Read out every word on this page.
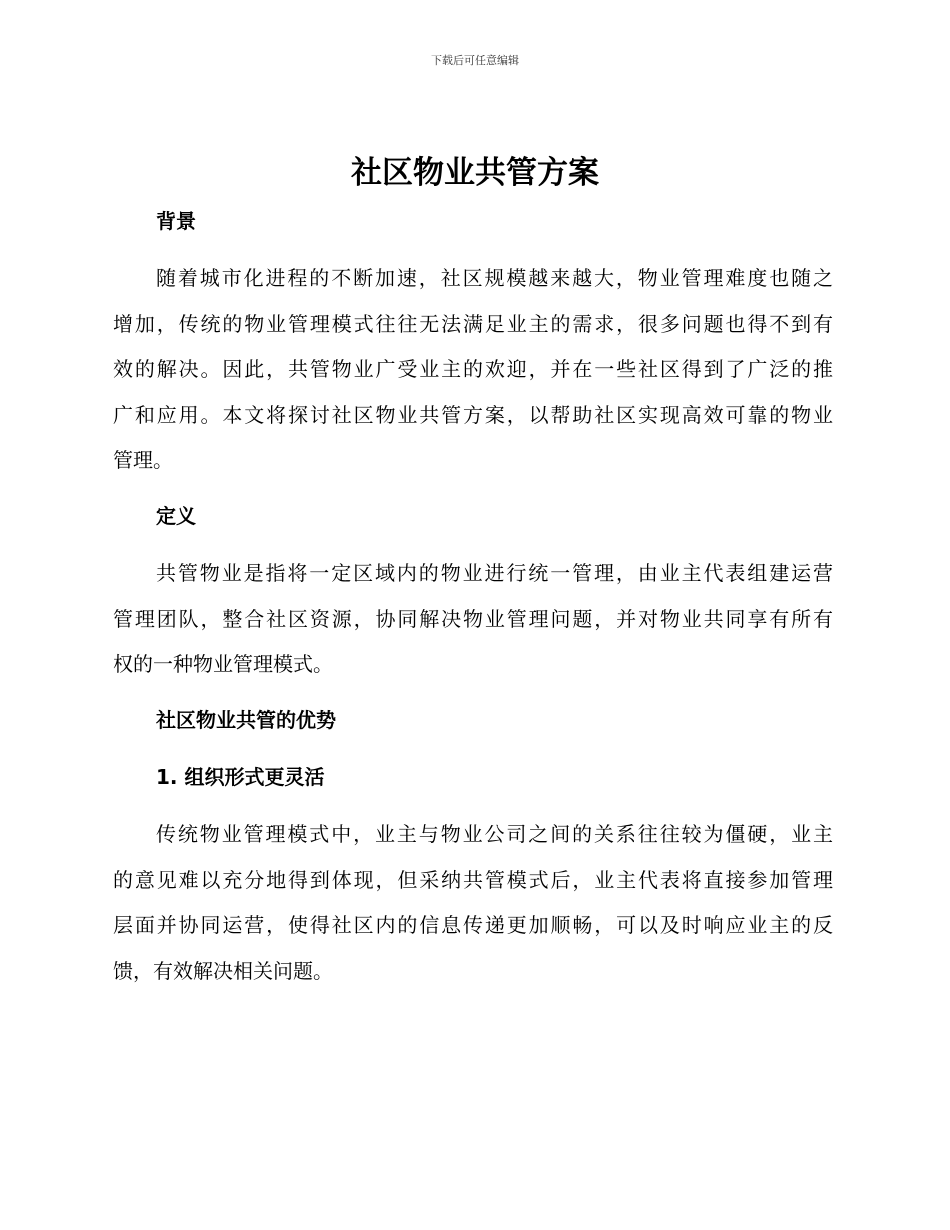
下载后可任意编辑
社区物业共管方案
背景
随着城市化进程的不断加速，社区规模越来越大，物业管理难度也随之
增加，传统的物业管理模式往往无法满足业主的需求，很多问题也得不到有
效的解决。因此，共管物业广受业主的欢迎，并在一些社区得到了广泛的推
广和应用。本文将探讨社区物业共管方案，以帮助社区实现高效可靠的物业
管理。
定义
共管物业是指将一定区域内的物业进行统一管理，由业主代表组建运营
管理团队，整合社区资源，协同解决物业管理问题，并对物业共同享有所有
权的一种物业管理模式。
社区物业共管的优势
1. 组织形式更灵活
传统物业管理模式中，业主与物业公司之间的关系往往较为僵硬，业主
的意见难以充分地得到体现，但采纳共管模式后，业主代表将直接参加管理
层面并协同运营，使得社区内的信息传递更加顺畅，可以及时响应业主的反
馈，有效解决相关问题。
